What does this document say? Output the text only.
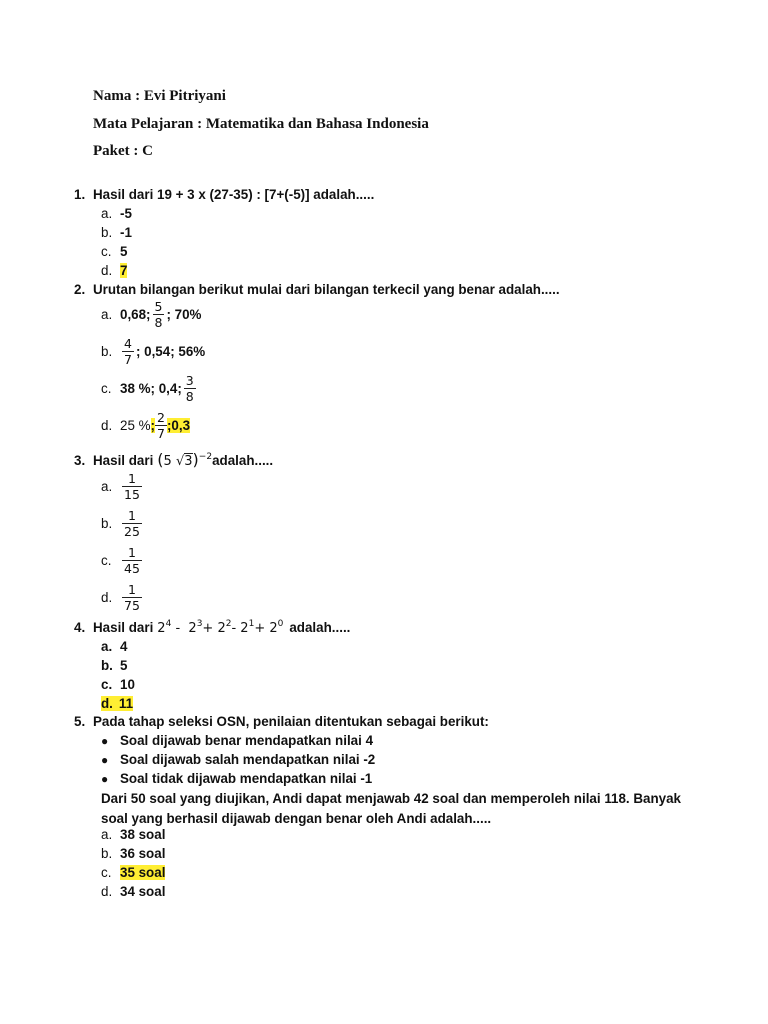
Nama : Evi Pitriyani
Mata Pelajaran : Matematika dan Bahasa Indonesia
Paket : C
1. Hasil dari 19 + 3 x (27-35) : [7+(-5)] adalah.....
a. -5
b. -1
c. 5
d. 7
2. Urutan bilangan berikut mulai dari bilangan terkecil yang benar adalah.....
a. 0,68; $\frac{5}{8}$ ; 70%
b. $\frac{4}{7}$ ; 0,54; 56%
c. 38 %; 0,4; $\frac{3}{8}$
d. 25 % ; $\frac{2}{7}$ ;0,3
3. Hasil dari (5 √3)$^{-2}$ adalah.....
a. $\frac{1}{15}$
b. $\frac{1}{25}$
c. $\frac{1}{45}$
d. $\frac{1}{75}$
4. Hasil dari $2^4 - 2^3+ 2^2-$ $2^1+ 2^0$ adalah.....
a. 4
b. 5
c. 10
d. 11
5. Pada tahap seleksi OSN, penilaian ditentukan sebagai berikut:
● Soal dijawab benar mendapatkan nilai 4
● Soal dijawab salah mendapatkan nilai -2
● Soal tidak dijawab mendapatkan nilai -1
Dari 50 soal yang diujikan, Andi dapat menjawab 42 soal dan memperoleh nilai 118. Banyak soal yang berhasil dijawab dengan benar oleh Andi adalah.....
a. 38 soal
b. 36 soal
c. 35 soal
d. 34 soal
